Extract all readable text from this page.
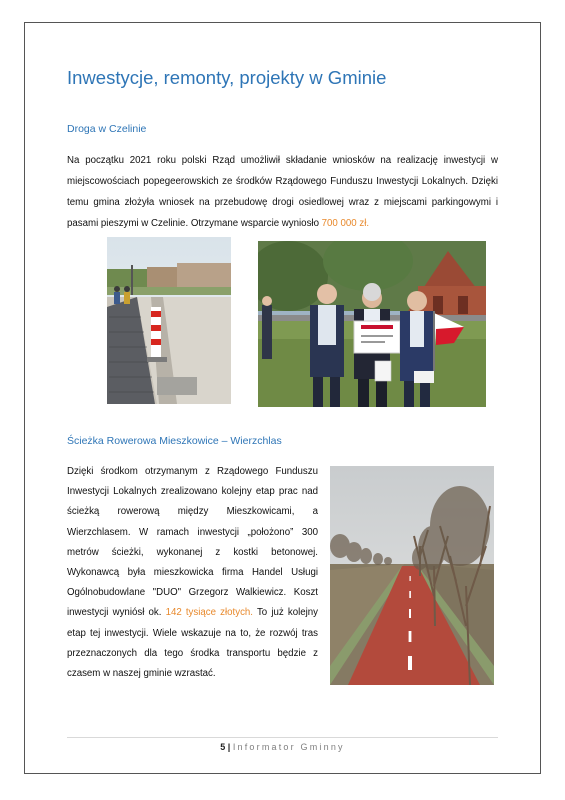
Inwestycje, remonty, projekty w Gminie
Droga w Czelinie

Na początku 2021 roku polski Rząd umożliwił składanie wniosków na realizację inwestycji w miejscowościach popegeerowskich ze środków Rządowego Funduszu Inwestycji Lokalnych. Dzięki temu gmina złożyła wniosek na przebudowę drogi osiedlowej wraz z miejscami parkingowymi i pasami pieszymi w Czelinie. Otrzymane wsparcie wyniosło 700 000 zł.

Ścieżka Rowerowa Mieszkowice – Wierzchlas

Dzięki środkom otrzymanym z Rządowego Funduszu Inwestycji Lokalnych zrealizowano kolejny etap prac nad ścieżką rowerową między Mieszkowicami, a Wierzchlasem. W ramach inwestycji „położono” 300 metrów ścieżki, wykonanej z kostki betonowej. Wykonawcą była mieszkowicka firma Handel Usługi Ogólnobudowlane "DUO" Grzegorz Walkiewicz. Koszt inwestycji wyniósł ok. 142 tysiące złotych. To już kolejny etap tej inwestycji. Wiele wskazuje na to, że rozwój tras przeznaczonych dla tego środka transportu będzie z czasem w naszej gminie wzrastać.

5 | Informator Gminny
